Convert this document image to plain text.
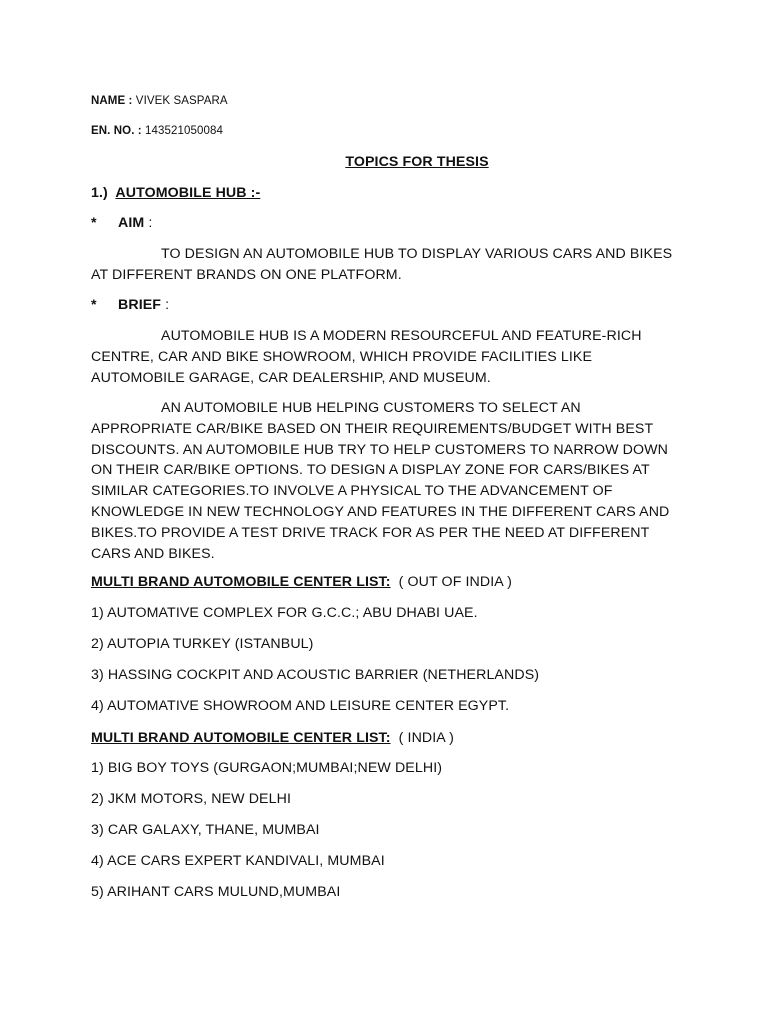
NAME : VIVEK SASPARA
EN. NO. : 143521050084
TOPICS FOR THESIS
1.) AUTOMOBILE HUB :-
* AIM :
TO DESIGN AN AUTOMOBILE HUB TO DISPLAY VARIOUS CARS AND BIKES AT DIFFERENT BRANDS ON ONE PLATFORM.
* BRIEF :
AUTOMOBILE HUB IS A MODERN RESOURCEFUL AND FEATURE-RICH CENTRE, CAR AND BIKE SHOWROOM, WHICH PROVIDE FACILITIES LIKE AUTOMOBILE GARAGE, CAR DEALERSHIP, AND MUSEUM.
AN AUTOMOBILE HUB HELPING CUSTOMERS TO SELECT AN APPROPRIATE CAR/BIKE BASED ON THEIR REQUIREMENTS/BUDGET WITH BEST DISCOUNTS. AN AUTOMOBILE HUB TRY TO HELP CUSTOMERS TO NARROW DOWN ON THEIR CAR/BIKE OPTIONS. TO DESIGN A DISPLAY ZONE FOR CARS/BIKES AT SIMILAR CATEGORIES.TO INVOLVE A PHYSICAL TO THE ADVANCEMENT OF KNOWLEDGE IN NEW TECHNOLOGY AND FEATURES IN THE DIFFERENT CARS AND BIKES.TO PROVIDE A TEST DRIVE TRACK FOR AS PER THE NEED AT DIFFERENT CARS AND BIKES.
MULTI BRAND AUTOMOBILE CENTER LIST:  ( OUT OF INDIA )
1) AUTOMATIVE COMPLEX FOR G.C.C.; ABU DHABI UAE.
2) AUTOPIA TURKEY (ISTANBUL)
3) HASSING COCKPIT AND ACOUSTIC BARRIER (NETHERLANDS)
4) AUTOMATIVE SHOWROOM AND LEISURE CENTER EGYPT.
MULTI BRAND AUTOMOBILE CENTER LIST:  ( INDIA )
1) BIG BOY TOYS (GURGAON;MUMBAI;NEW DELHI)
2) JKM MOTORS, NEW DELHI
3) CAR GALAXY, THANE, MUMBAI
4) ACE CARS EXPERT KANDIVALI, MUMBAI
5) ARIHANT CARS MULUND,MUMBAI
